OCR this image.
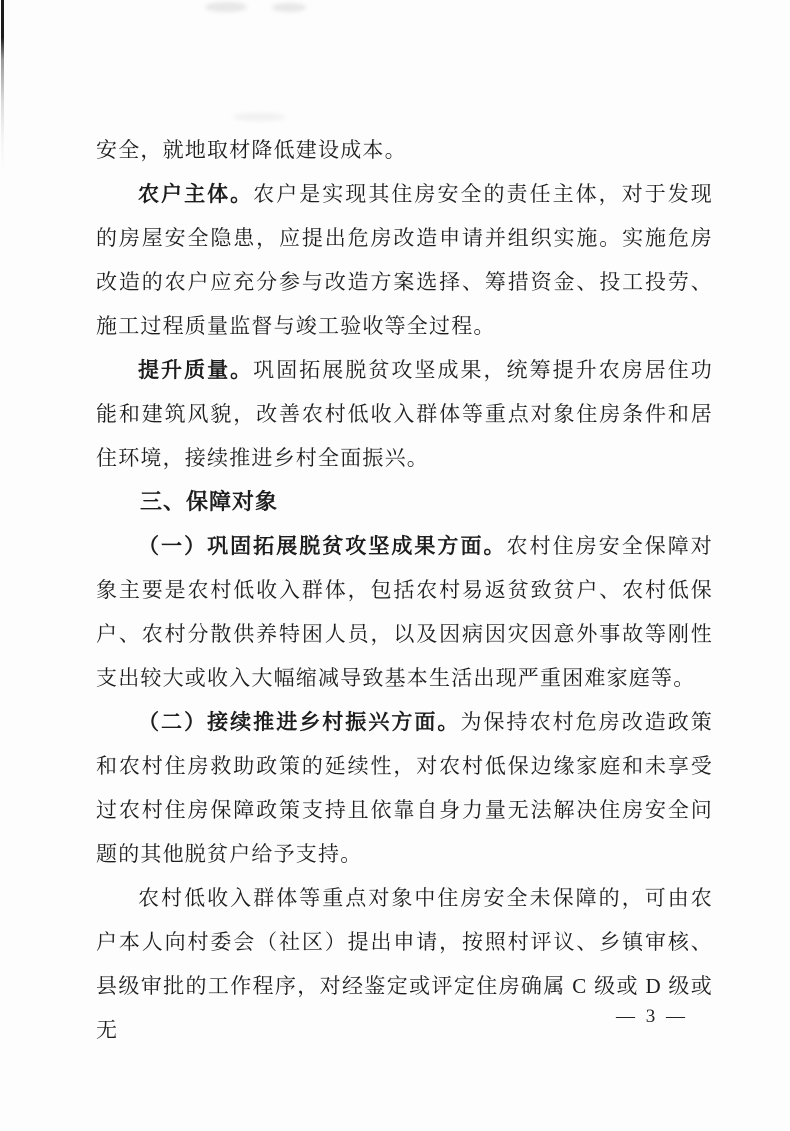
安全，就地取材降低建设成本。

农户主体。农户是实现其住房安全的责任主体，对于发现的房屋安全隐患，应提出危房改造申请并组织实施。实施危房改造的农户应充分参与改造方案选择、筹措资金、投工投劳、施工过程质量监督与竣工验收等全过程。

提升质量。巩固拓展脱贫攻坚成果，统筹提升农房居住功能和建筑风貌，改善农村低收入群体等重点对象住房条件和居住环境，接续推进乡村全面振兴。

三、保障对象

（一）巩固拓展脱贫攻坚成果方面。农村住房安全保障对象主要是农村低收入群体，包括农村易返贫致贫户、农村低保户、农村分散供养特困人员，以及因病因灾因意外事故等刚性支出较大或收入大幅缩减导致基本生活出现严重困难家庭等。

（二）接续推进乡村振兴方面。为保持农村危房改造政策和农村住房救助政策的延续性，对农村低保边缘家庭和未享受过农村住房保障政策支持且依靠自身力量无法解决住房安全问题的其他脱贫户给予支持。

农村低收入群体等重点对象中住房安全未保障的，可由农户本人向村委会（社区）提出申请，按照村评议、乡镇审核、县级审批的工作程序，对经鉴定或评定住房确属 C 级或 D 级或无

— 3 —
